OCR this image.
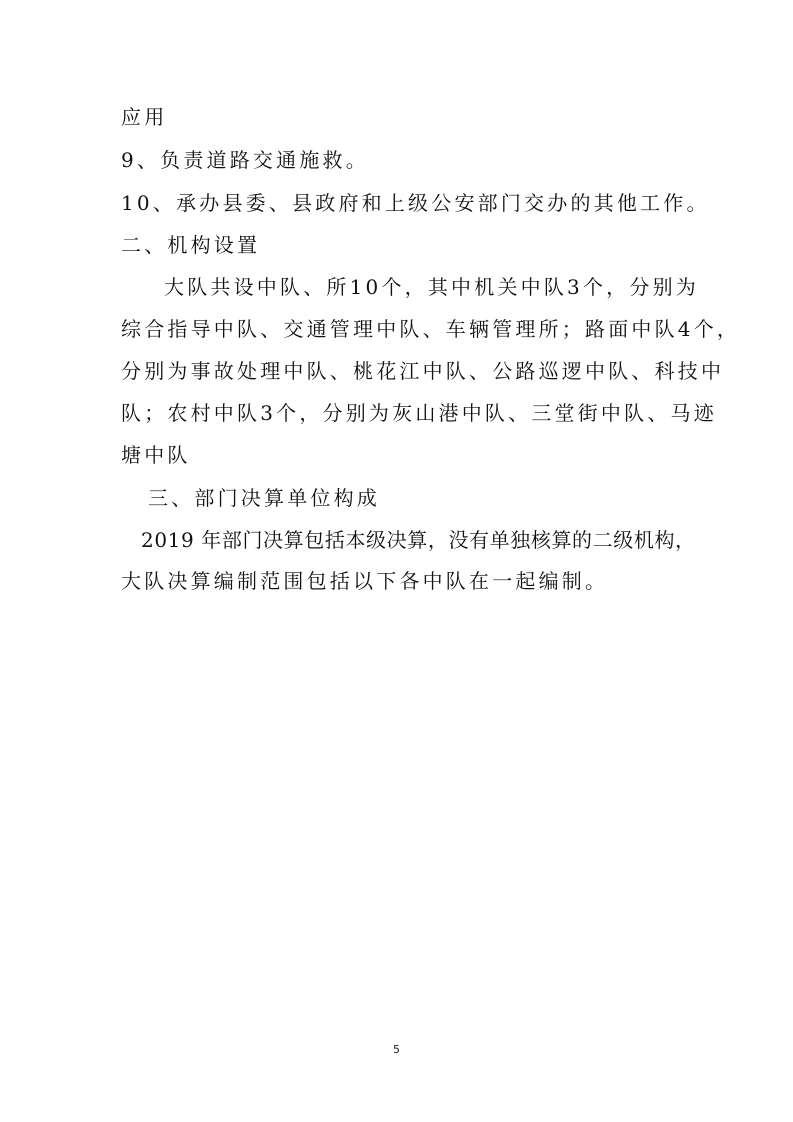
应用
9、负责道路交通施救。
10、承办县委、县政府和上级公安部门交办的其他工作。
二、机构设置
大队共设中队、所10个，其中机关中队3个，分别为
综合指导中队、交通管理中队、车辆管理所；路面中队4个，
分别为事故处理中队、桃花江中队、公路巡逻中队、科技中
队；农村中队3个，分别为灰山港中队、三堂街中队、马迹
塘中队
三、部门决算单位构成
2019 年部门决算包括本级决算，没有单独核算的二级机构，
大队决算编制范围包括以下各中队在一起编制。
5
